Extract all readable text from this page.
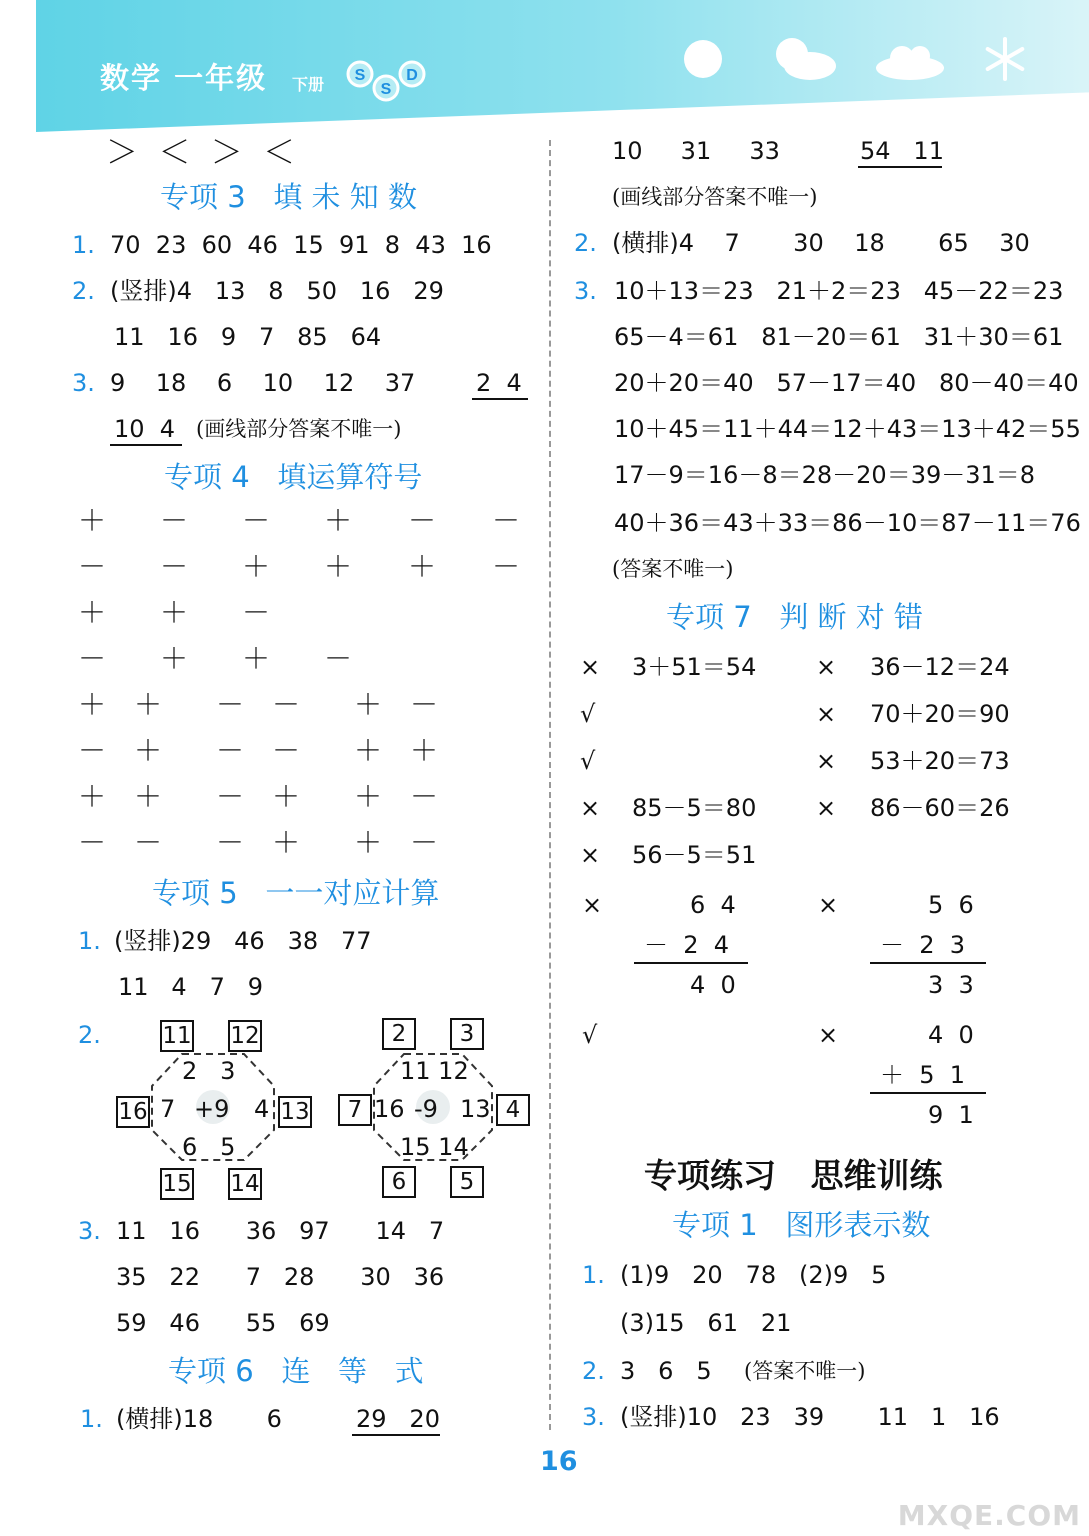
数学 一年级 下册 S
S
D
＞  ＜  ＞  ＜
专项 3   填 未 知 数
1. 70  23  60  46  15  91  8  43  16
2. (竖排)4   13   8   50   16   29
11   16   9   7   85   64
3. 9    18    6    10    12    37	2  4
10  4 (画线部分答案不唯一)
专项 4   填运算符号
＋ － － ＋ － －
－ － ＋ ＋ ＋ －
＋ ＋ －
－ ＋ ＋ －
＋ ＋ － － ＋ －
－ ＋ － － ＋ ＋
＋ ＋ － ＋ ＋ －
－ － － ＋ ＋ －
专项 5   一一对应计算
1. (竖排)29   46   38   77
11   4   7   9
2.	11 12
16	13
15 14
2   3
7 +9 4
6   5
2	3
7	4
6	5
11 12
16 -9 13
15 14
3. 11   16      36   97      14   7
35   22      7   28      30   36
59   46      55   69
专项 6   连   等   式
1. (横排)18       6	29   20
10     31     33	54   11
(画线部分答案不唯一)
2. (横排)4    7       30    18       65    30
3. 10＋13＝23   21＋2＝23   45－22＝23
65－4＝61   81－20＝61   31＋30＝61
20＋20＝40   57－17＝40   80－40＝40
10＋45＝11＋44＝12＋43＝13＋42＝55
17－9＝16－8＝28－20＝39－31＝8
40＋36＝43＋33＝86－10＝87－11＝76
(答案不唯一)
专项 7   判 断 对 错
× 3＋51＝54 × 36－12＝24
√	× 70＋20＝90
√	× 53＋20＝73
× 85－5＝80 × 86－60＝26
× 56－5＝51
×	6  4
－  2  4
4  0
×	5  6
－  2  3
3  3
√	×	4  0
＋  5  1
9  1
专项练习   思维训练
专项 1   图形表示数
1. (1)9   20   78   (2)9   5
(3)15   61   21
2. 3   6   5 (答案不唯一)
3. (竖排)10   23   39       11   1   16
16
MXQE.COM
